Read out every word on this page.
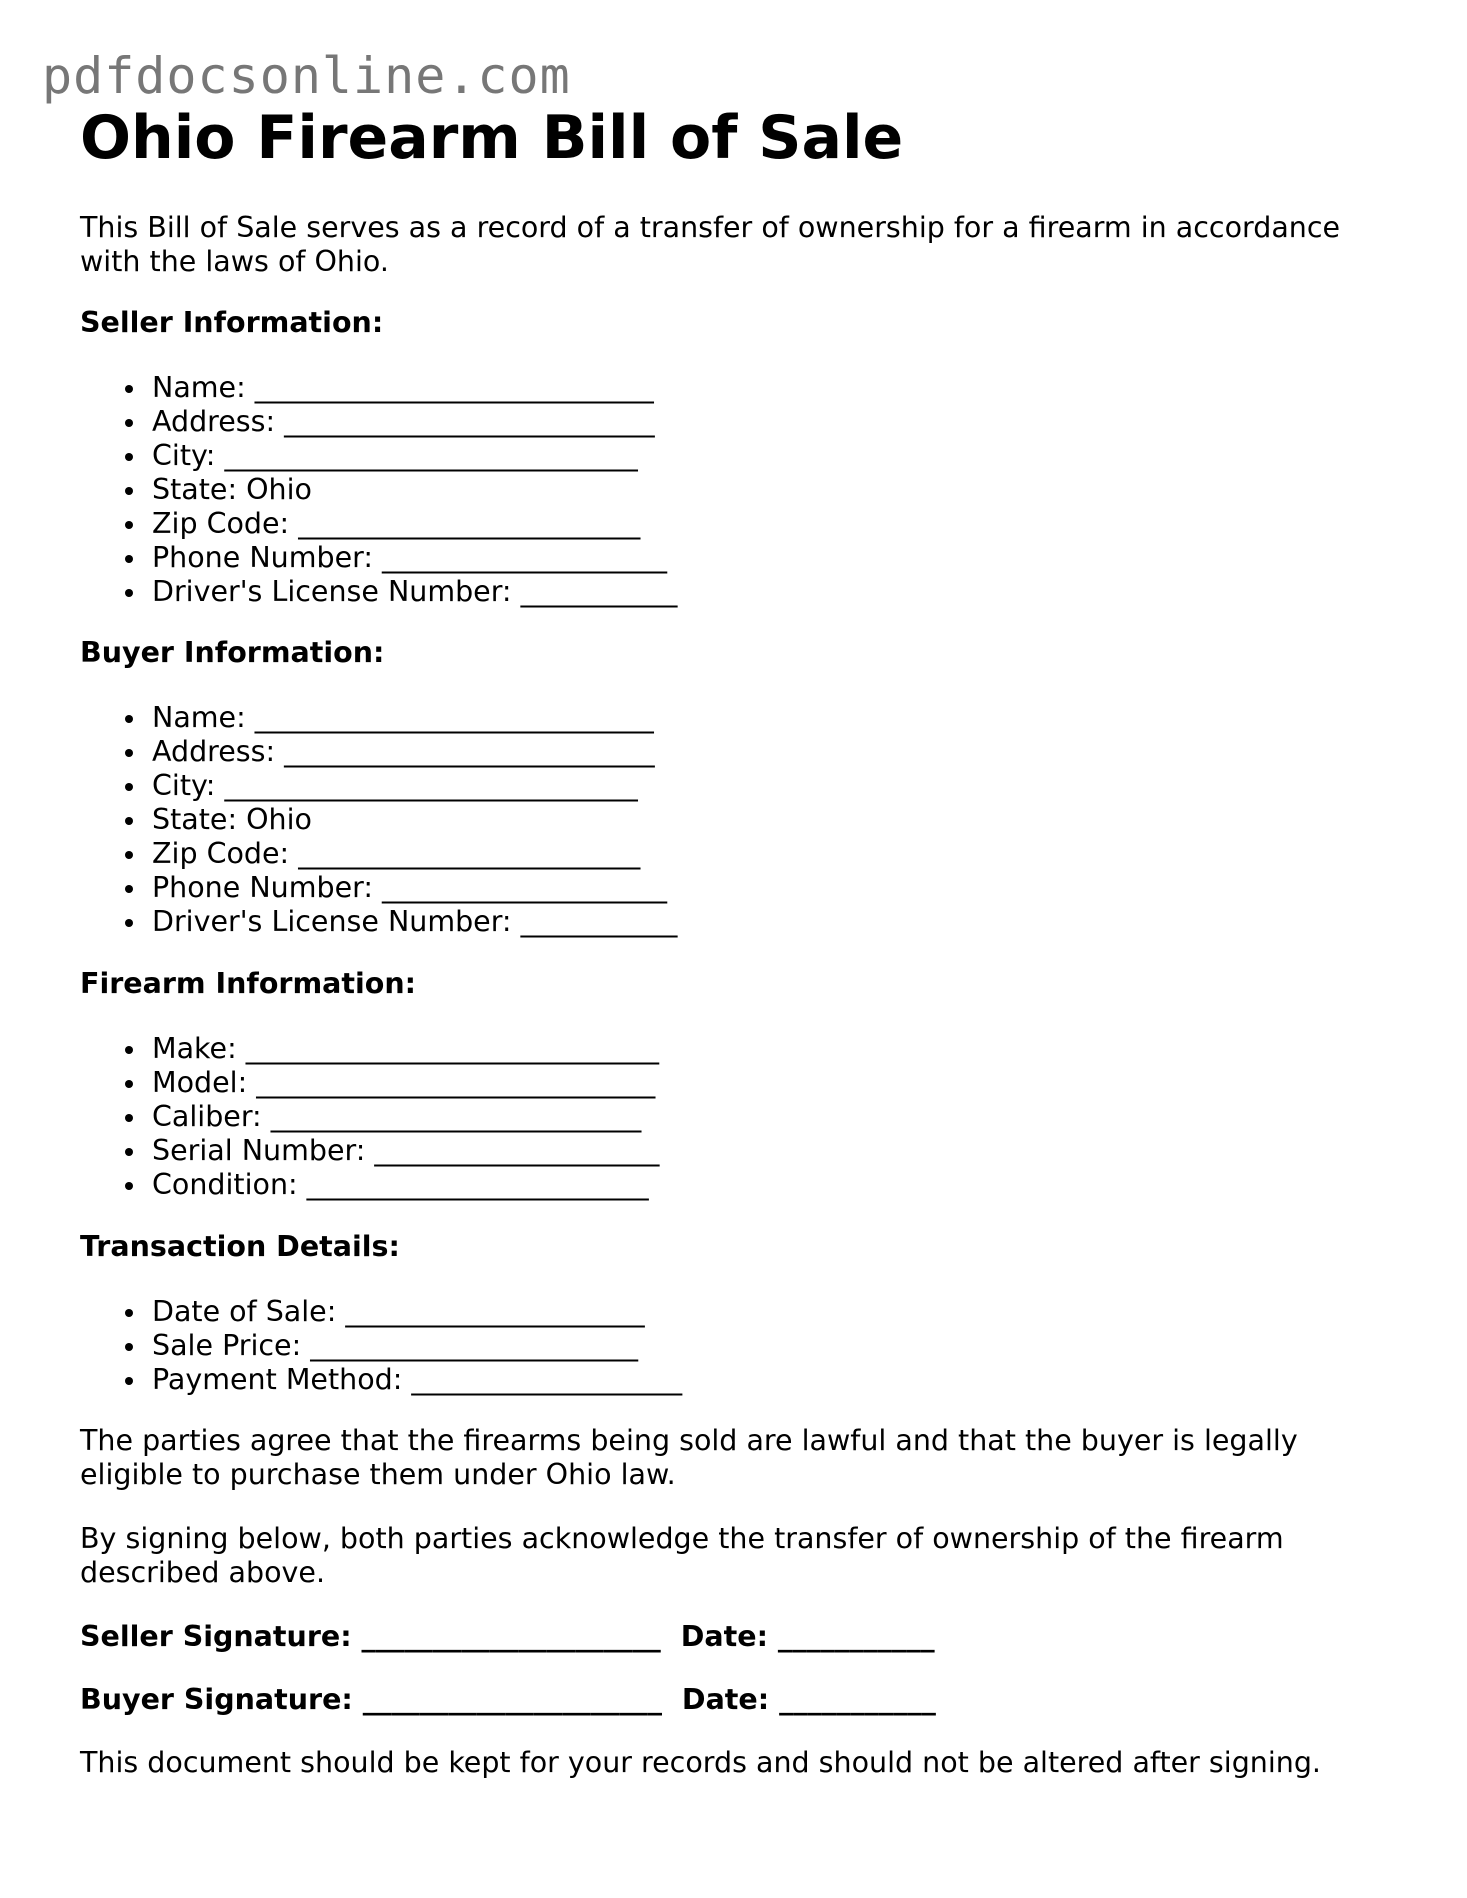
pdfdocsonline.com
Ohio Firearm Bill of Sale

This Bill of Sale serves as a record of a transfer of ownership for a firearm in accordance with the laws of Ohio.

Seller Information:
Name: ____________________________
Address: __________________________
City: _____________________________
State: Ohio
Zip Code: ________________________
Phone Number: ____________________
Driver's License Number: ___________
Buyer Information:
Name: ____________________________
Address: __________________________
City: _____________________________
State: Ohio
Zip Code: ________________________
Phone Number: ____________________
Driver's License Number: ___________
Firearm Information:
Make: _____________________________
Model: ____________________________
Caliber: __________________________
Serial Number: ____________________
Condition: ________________________
Transaction Details:
Date of Sale: _____________________
Sale Price: _______________________
Payment Method: ___________________

The parties agree that the firearms being sold are lawful and that the buyer is legally eligible to purchase them under Ohio law.

By signing below, both parties acknowledge the transfer of ownership of the firearm described above.

Seller Signature: _____________________ Date: ___________
Buyer Signature: _____________________ Date: ___________

This document should be kept for your records and should not be altered after signing.
